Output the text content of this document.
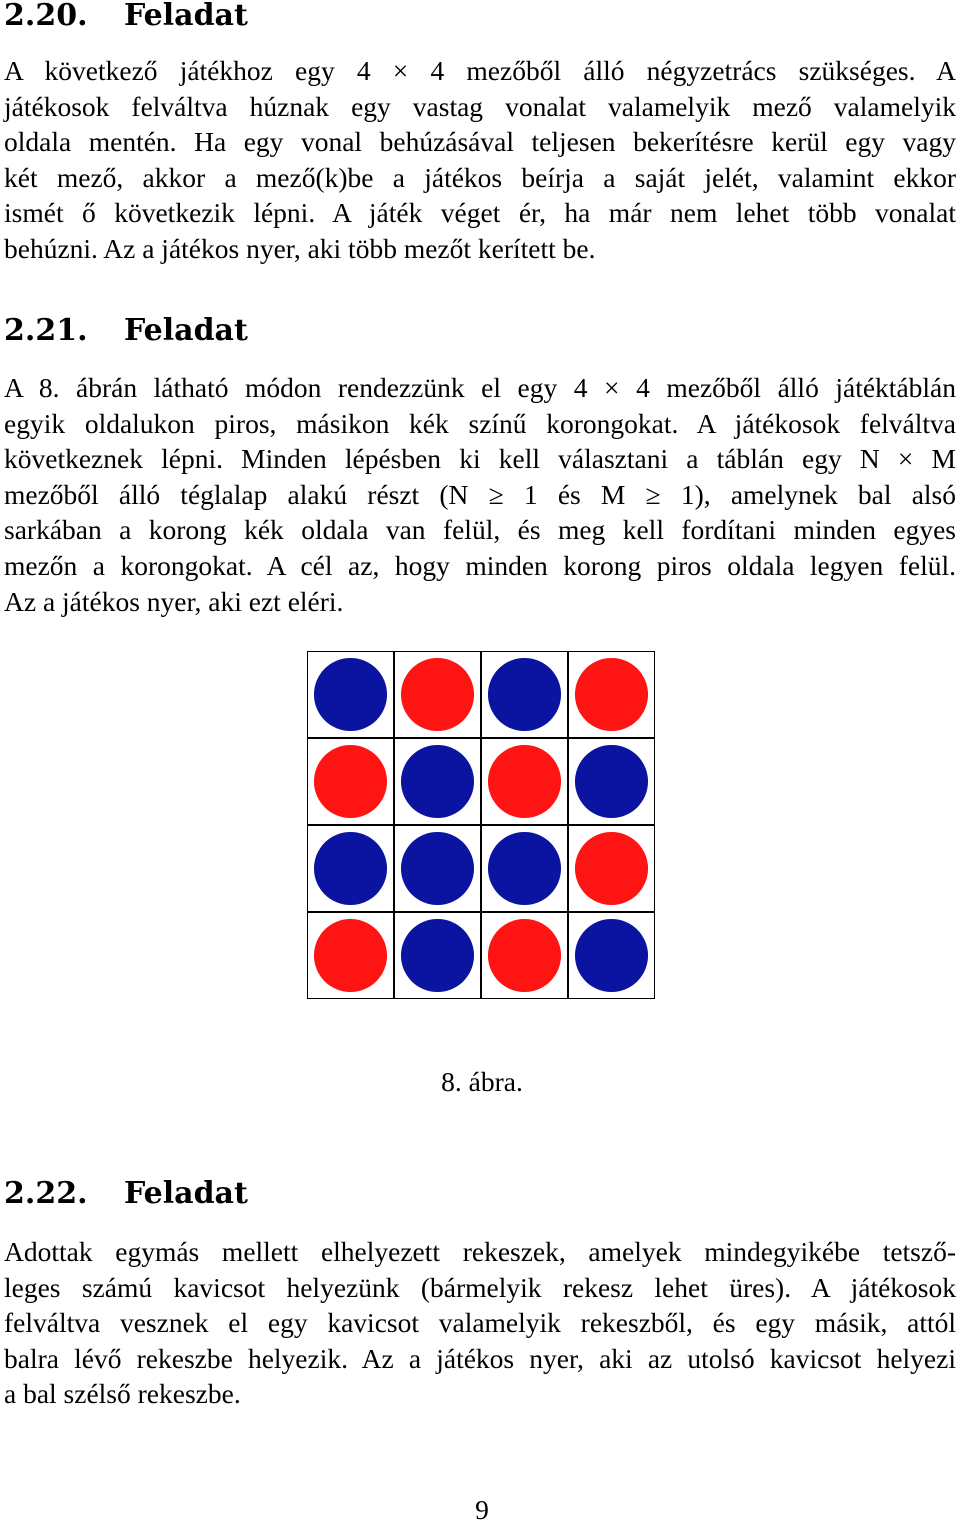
2.20. Feladat
A következő játékhoz egy 4 × 4 mezőből álló négyzetrács szükséges. A
játékosok felváltva húznak egy vastag vonalat valamelyik mező valamelyik
oldala mentén. Ha egy vonal behúzásával teljesen bekerítésre kerül egy vagy
két mező, akkor a mező(k)be a játékos beírja a saját jelét, valamint ekkor
ismét ő következik lépni. A játék véget ér, ha már nem lehet több vonalat
behúzni. Az a játékos nyer, aki több mezőt kerített be.
2.21. Feladat
A 8. ábrán látható módon rendezzünk el egy 4 × 4 mezőből álló játéktáblán
egyik oldalukon piros, másikon kék színű korongokat. A játékosok felváltva
következnek lépni. Minden lépésben ki kell választani a táblán egy N × M
mezőből álló téglalap alakú részt (N ≥ 1 és M ≥ 1), amelynek bal alsó
sarkában a korong kék oldala van felül, és meg kell fordítani minden egyes
mezőn a korongokat. A cél az, hogy minden korong piros oldala legyen felül.
Az a játékos nyer, aki ezt eléri.
8. ábra.
2.22. Feladat
Adottak egymás mellett elhelyezett rekeszek, amelyek mindegyikébe tetsző-
leges számú kavicsot helyezünk (bármelyik rekesz lehet üres). A játékosok
felváltva vesznek el egy kavicsot valamelyik rekeszből, és egy másik, attól
balra lévő rekeszbe helyezik. Az a játékos nyer, aki az utolsó kavicsot helyezi
a bal szélső rekeszbe.
9
